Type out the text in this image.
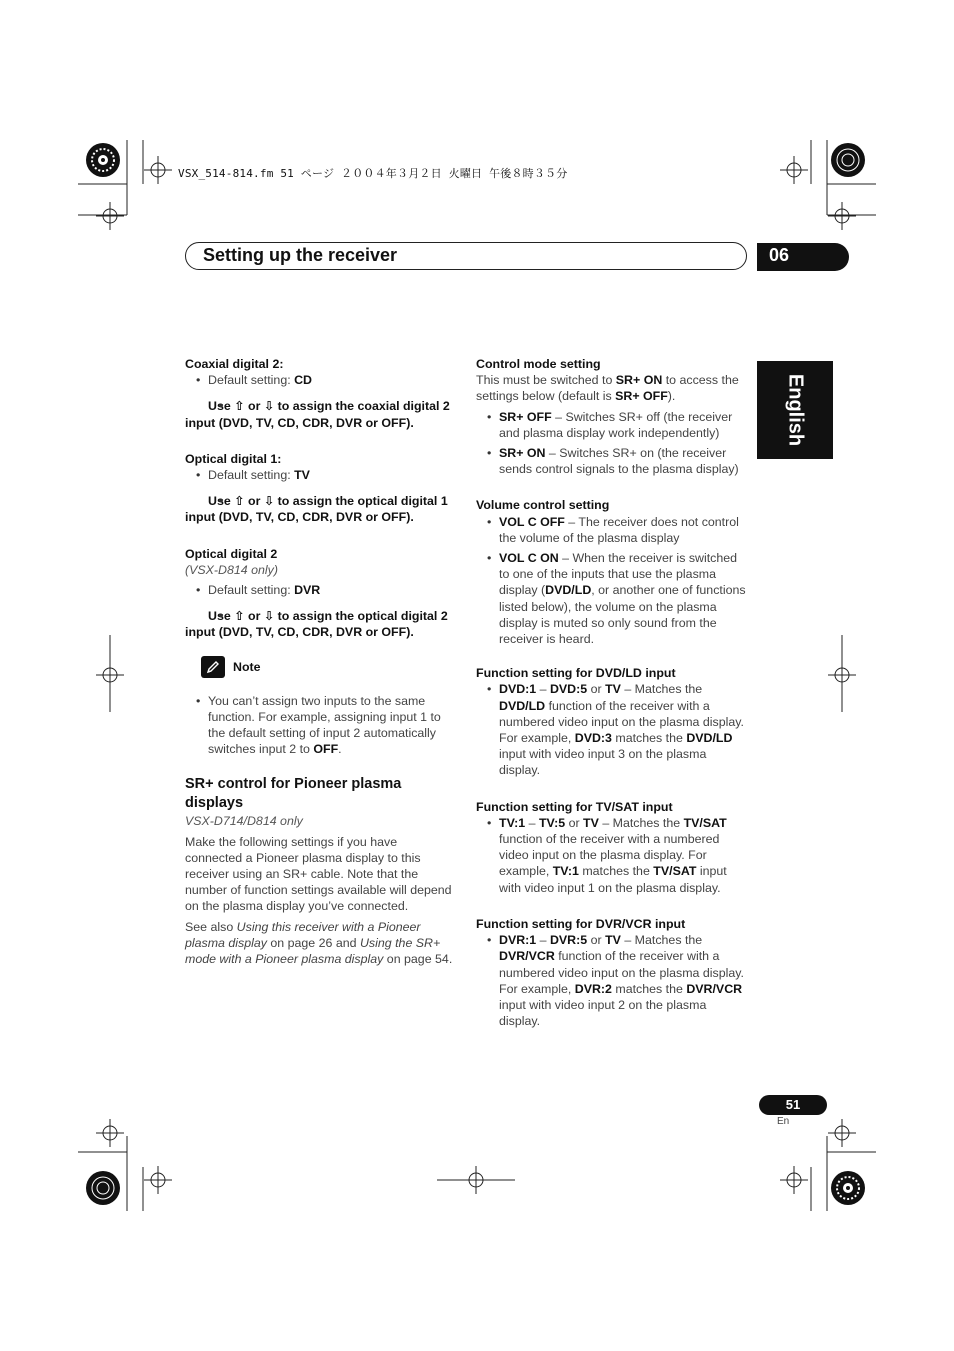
VSX_514-814.fm 51 ページ ２００４年３月２日 火曜日 午後８時３５分
Setting up the receiver	06
English

Coaxial digital 2:

• Default setting: CD

• Use ⇧ or ⇩ to assign the coaxial digital 2 input (DVD, TV, CD, CDR, DVR or OFF).

Optical digital 1:

• Default setting: TV

• Use ⇧ or ⇩ to assign the optical digital 1 input (DVD, TV, CD, CDR, DVR or OFF).

Optical digital 2

(VSX-D814 only)

• Default setting: DVR

• Use ⇧ or ⇩ to assign the optical digital 2 input (DVD, TV, CD, CDR, DVR or OFF).

Note

• You can’t assign two inputs to the same function. For example, assigning input 1 to the default setting of input 2 automatically switches input 2 to OFF.

SR+ control for Pioneer plasma displays

VSX-D714/D814 only

Make the following settings if you have connected a Pioneer plasma display to this receiver using an SR+ cable. Note that the number of function settings available will depend on the plasma display you’ve connected.

See also Using this receiver with a Pioneer plasma display on page 26 and Using the SR+ mode with a Pioneer plasma display on page 54.

Control mode setting

This must be switched to SR+ ON to access the settings below (default is SR+ OFF).

• SR+ OFF – Switches SR+ off (the receiver and plasma display work independently)

• SR+ ON – Switches SR+ on (the receiver sends control signals to the plasma display)

Volume control setting

• VOL C OFF – The receiver does not control the volume of the plasma display

• VOL C ON – When the receiver is switched to one of the inputs that use the plasma display (DVD/LD, or another one of functions listed below), the volume on the plasma display is muted so only sound from the receiver is heard.

Function setting for DVD/LD input

• DVD:1 – DVD:5 or TV – Matches the DVD/LD function of the receiver with a numbered video input on the plasma display. For example, DVD:3 matches the DVD/LD input with video input 3 on the plasma display.

Function setting for TV/SAT input

• TV:1 – TV:5 or TV – Matches the TV/SAT function of the receiver with a numbered video input on the plasma display. For example, TV:1 matches the TV/SAT input with video input 1 on the plasma display.

Function setting for DVR/VCR input

• DVR:1 – DVR:5 or TV – Matches the DVR/VCR function of the receiver with a numbered video input on the plasma display. For example, DVR:2 matches the DVR/VCR input with video input 2 on the plasma display.

51
En
